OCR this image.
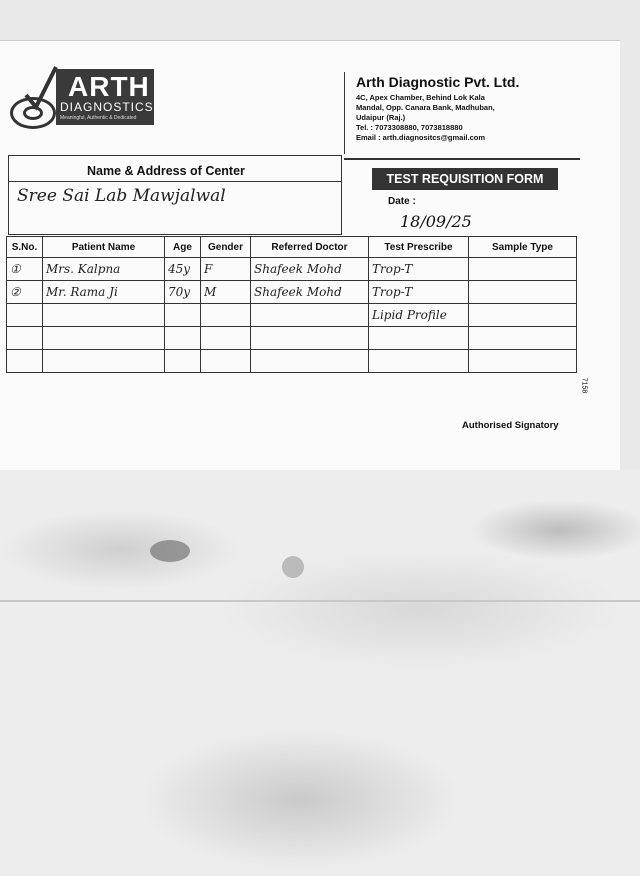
ARTH
DIAGNOSTICS
Meaningful, Authentic & Dedicated
Arth Diagnostic Pvt. Ltd.
4C, Apex Chamber, Behind Lok Kala
Mandal, Opp. Canara Bank, Madhuban,
Udaipur (Raj.)
Tel. : 7073308880, 7073818880
Email : arth.diagnositcs@gmail.com
Name & Address of Center
Sree Sai Lab Mawjalwal
TEST REQUISITION FORM
Date :
18/09/25
S.No.	Patient Name	Age	Gender	Referred Doctor	Test Prescribe	Sample Type
①	Mrs. Kalpna	45y	F	Shafeek Mohd	Trop-T	
②	Mr. Rama Ji	70y	M	Shafeek Mohd	Trop-T	
					Lipid Profile	

7158
Authorised Signatory
